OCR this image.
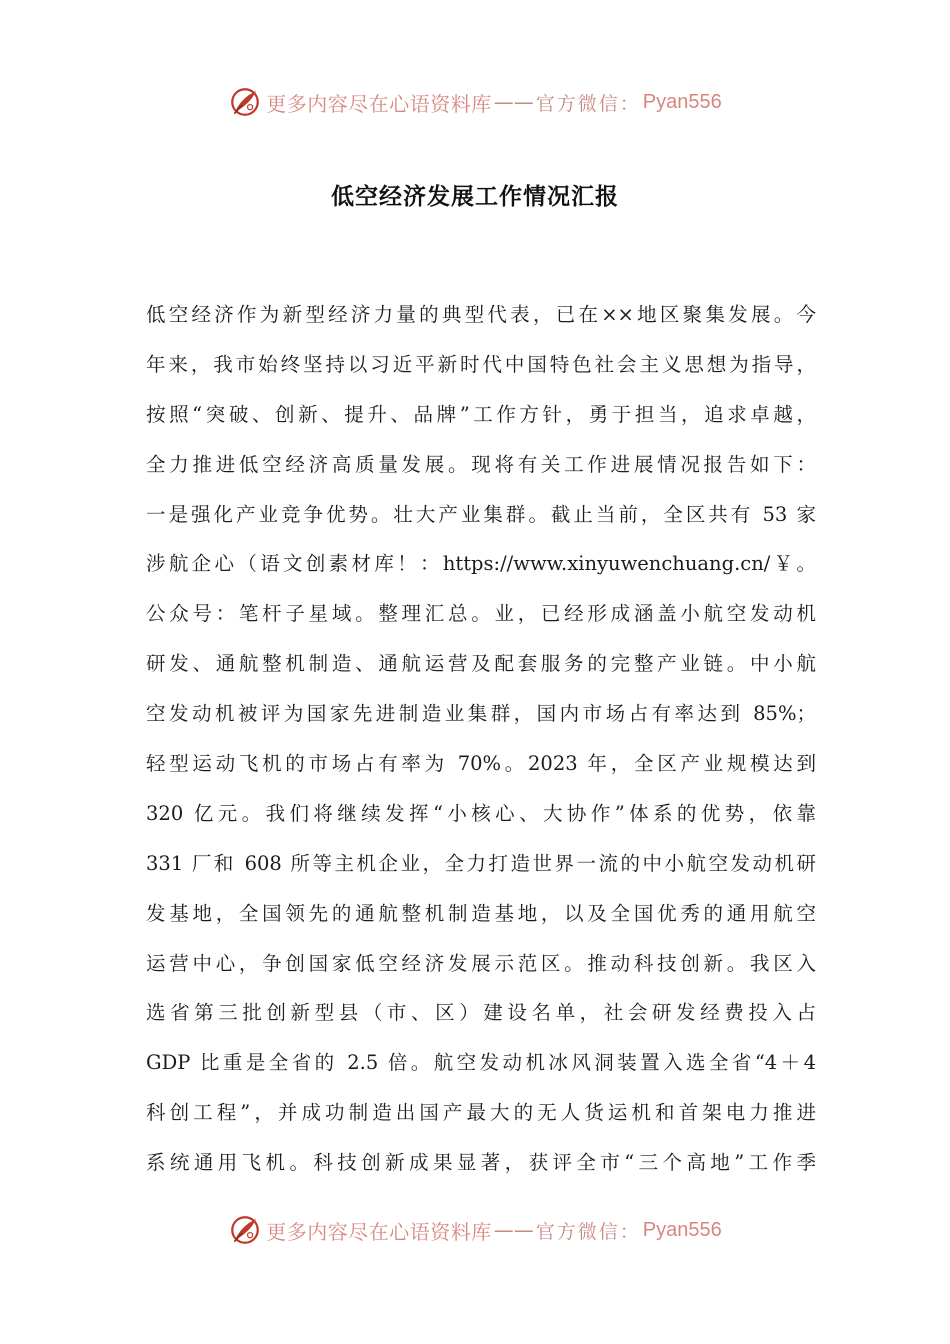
更多内容尽在心语资料库 —— 官方微信： Pyan556
低空经济发展工作情况汇报
低空经济作为新型经济力量的典型代表，已在××地区聚集发展。今
年来，我市始终坚持以习近平新时代中国特色社会主义思想为指导，
按照“突破、创新、提升、品牌”工作方针，勇于担当，追求卓越，
全力推进低空经济高质量发展。现将有关工作进展情况报告如下：
一是强化产业竞争优势。壮大产业集群。截止当前，全区共有 53 家
涉航企心（语文创素材库！：https://www.xinyuwenchuang.cn/￥。
公众号：笔杆子星域。整理汇总。业，已经形成涵盖小航空发动机
研发、通航整机制造、通航运营及配套服务的完整产业链。中小航
空发动机被评为国家先进制造业集群，国内市场占有率达到 85%；
轻型运动飞机的市场占有率为 70%。2023 年，全区产业规模达到
320 亿元。我们将继续发挥“小核心、大协作”体系的优势，依靠
331 厂和 608 所等主机企业，全力打造世界一流的中小航空发动机研
发基地，全国领先的通航整机制造基地，以及全国优秀的通用航空
运营中心，争创国家低空经济发展示范区。推动科技创新。我区入
选省第三批创新型县（市、区）建设名单，社会研发经费投入占
GDP 比重是全省的 2.5 倍。航空发动机冰风洞装置入选全省“4＋4
科创工程”，并成功制造出国产最大的无人货运机和首架电力推进
系统通用飞机。科技创新成果显著，获评全市“三个高地”工作季
更多内容尽在心语资料库 —— 官方微信： Pyan556
